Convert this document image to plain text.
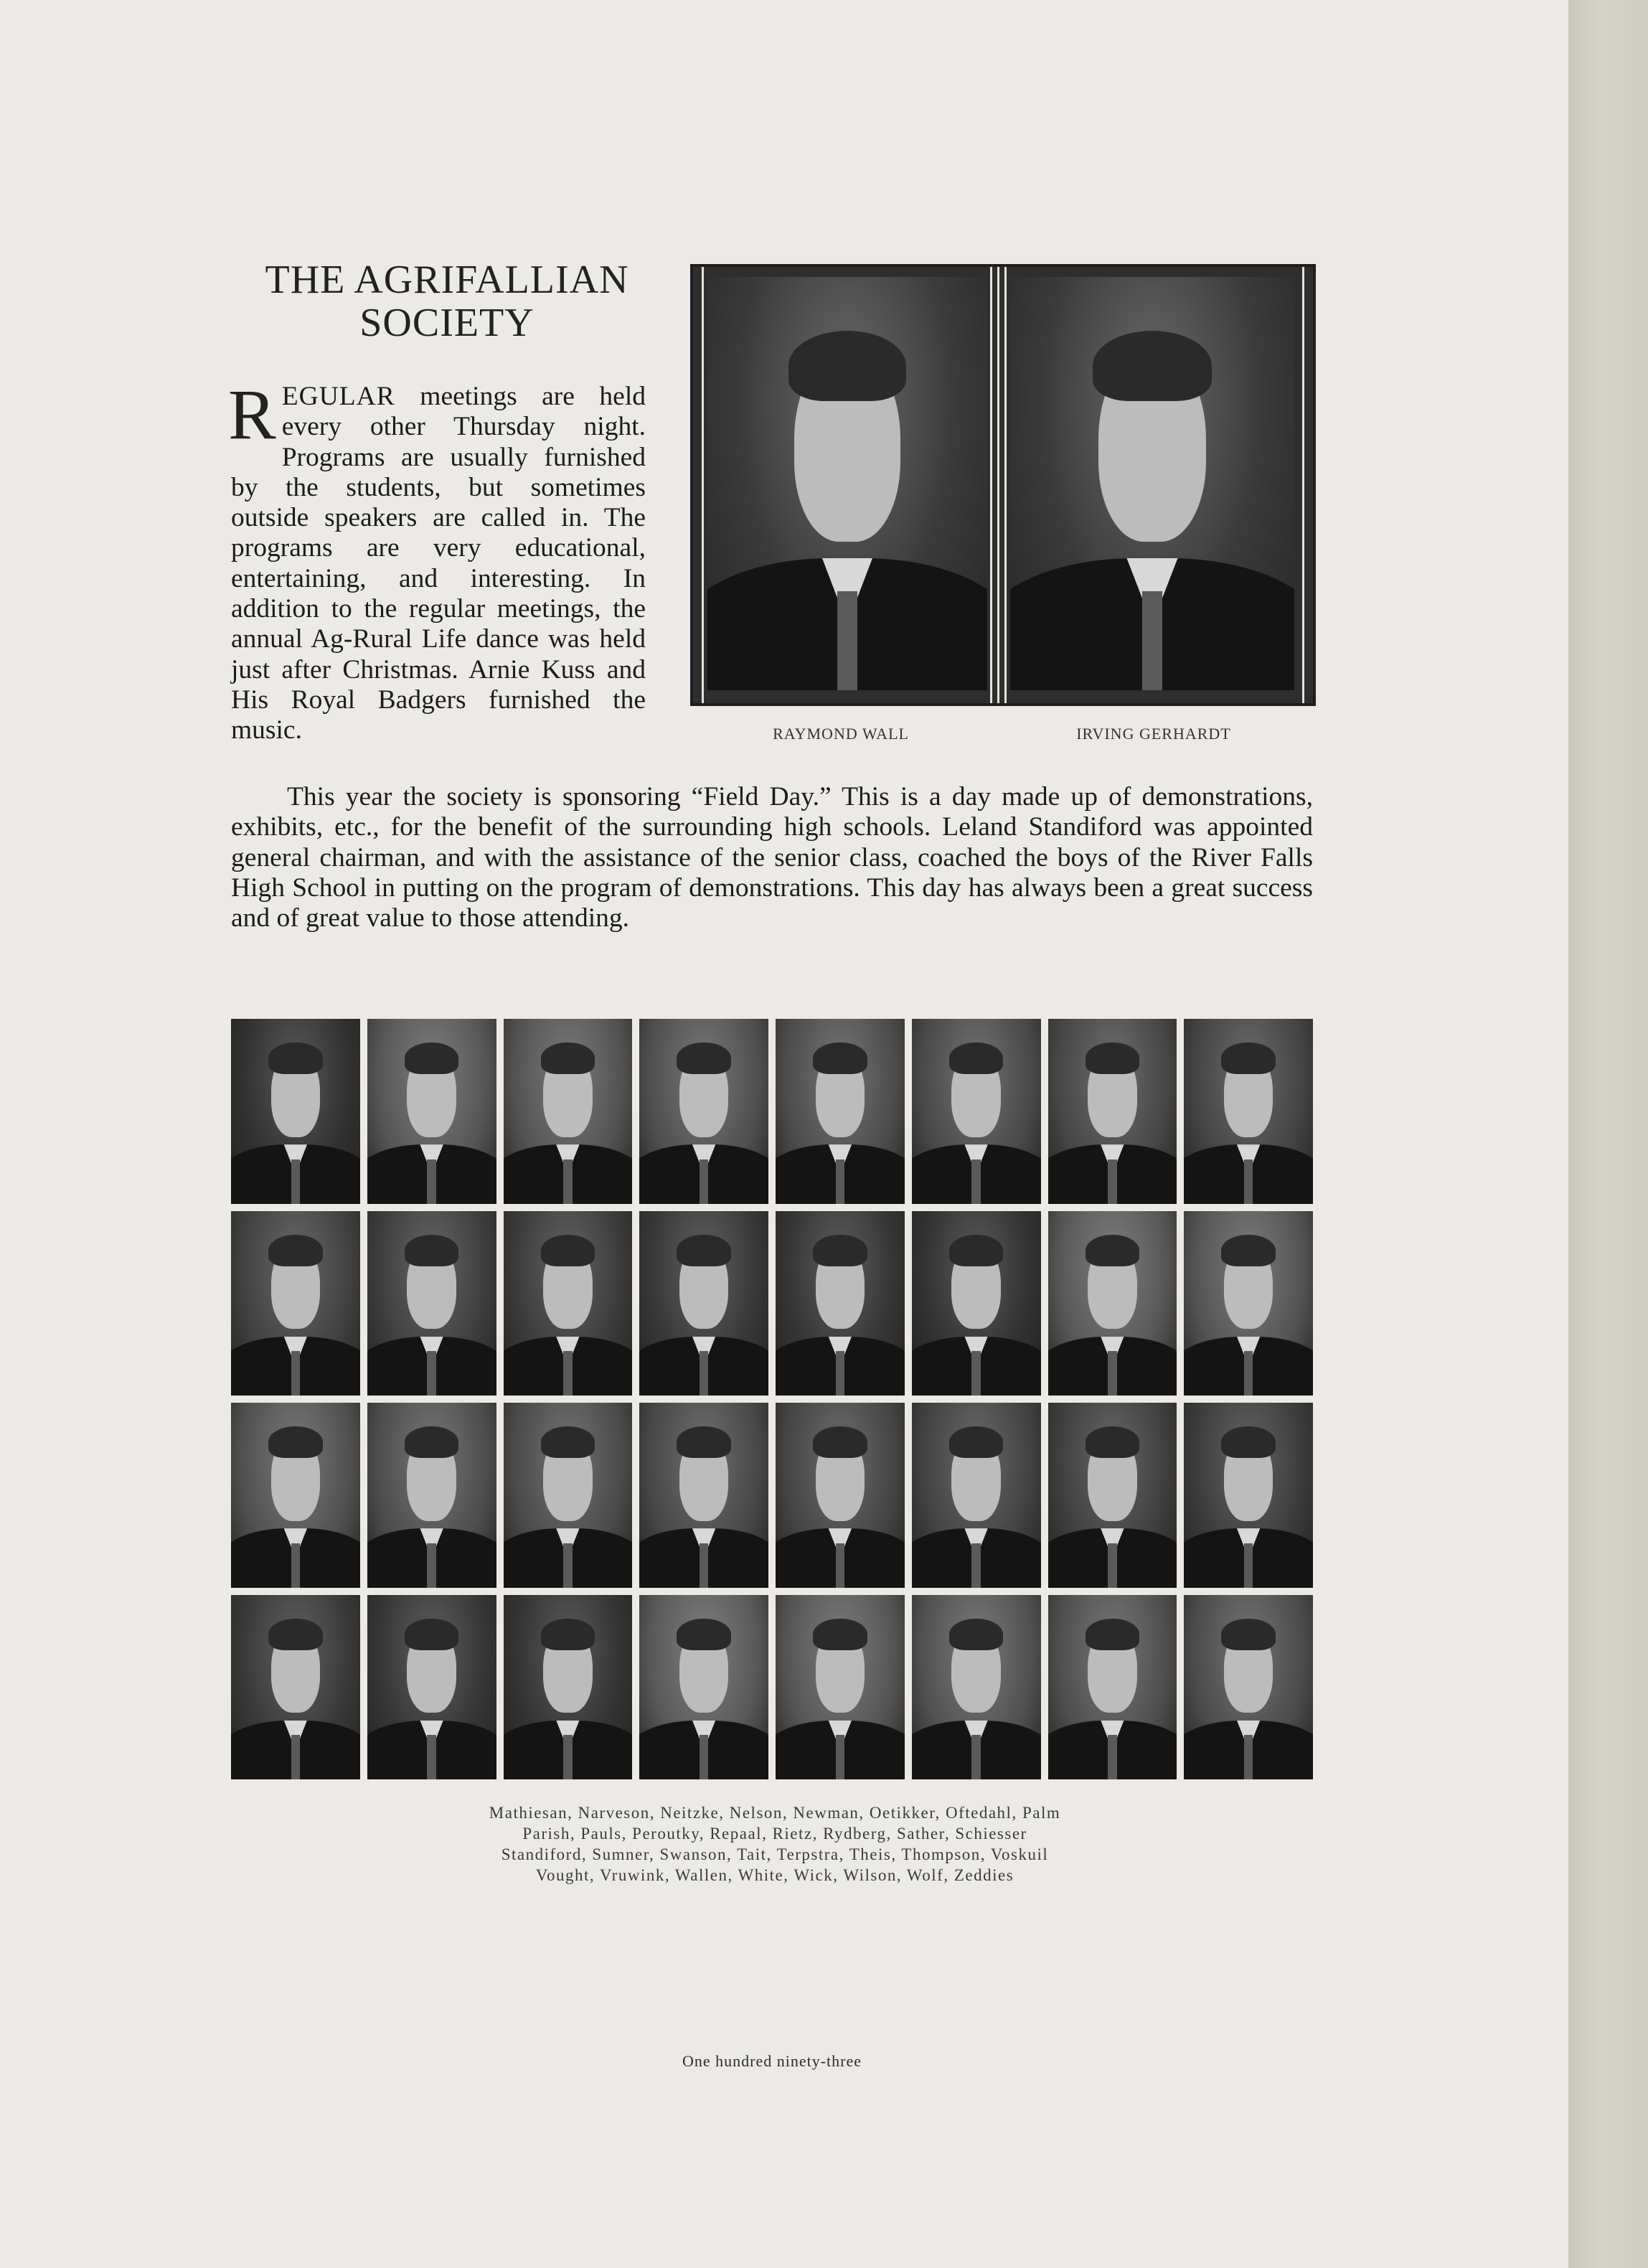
THE AGRIFALLIAN
SOCIETY

REGULAR meetings are held every other Thursday night. Programs are usually furnished by the students, but sometimes outside speakers are called in. The programs are very educational, entertaining, and interesting. In addition to the regular meetings, the annual Ag-Rural Life dance was held just after Christmas. Arnie Kuss and His Royal Badgers furnished the music.	RAYMOND WALL	IRVING GERHARDT

This year the society is sponsoring “Field Day.” This is a day made up of demonstrations, exhibits, etc., for the benefit of the surrounding high schools. Leland Standiford was appointed general chairman, and with the assistance of the senior class, coached the boys of the River Falls High School in putting on the program of demonstrations. This day has always been a great success and of great value to those attending.

Mathiesan, Narveson, Neitzke, Nelson, Newman, Oetikker, Oftedahl, Palm
Parish, Pauls, Peroutky, Repaal, Rietz, Rydberg, Sather, Schiesser
Standiford, Sumner, Swanson, Tait, Terpstra, Theis, Thompson, Voskuil
Vought, Vruwink, Wallen, White, Wick, Wilson, Wolf, Zeddies

One hundred ninety-three
